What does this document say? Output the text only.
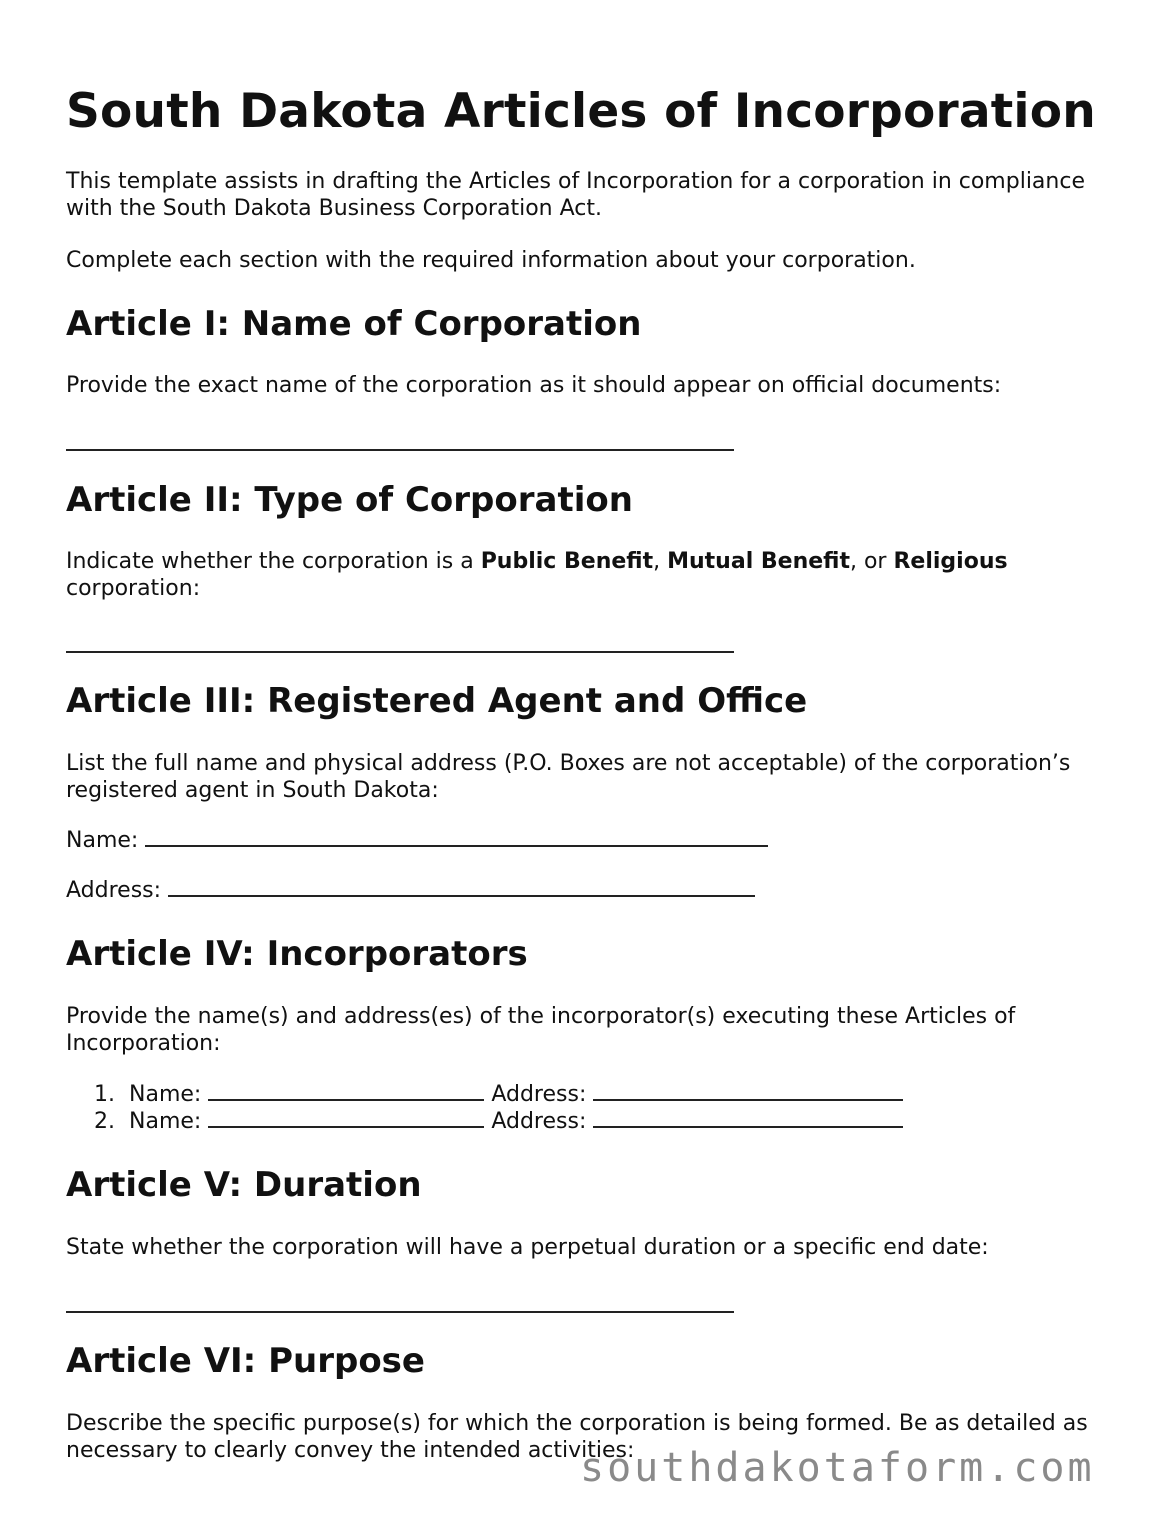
South Dakota Articles of Incorporation

This template assists in drafting the Articles of Incorporation for a corporation in compliance with the South Dakota Business Corporation Act.

Complete each section with the required information about your corporation.

Article I: Name of Corporation

Provide the exact name of the corporation as it should appear on official documents:

Article II: Type of Corporation

Indicate whether the corporation is a Public Benefit, Mutual Benefit, or Religious corporation:

Article III: Registered Agent and Office

List the full name and physical address (P.O. Boxes are not acceptable) of the corporation’s registered agent in South Dakota:

Name:
Address:
Article IV: Incorporators

Provide the name(s) and address(es) of the incorporator(s) executing these Articles of Incorporation:

1. Name:	Address:
2. Name:	Address:
Article V: Duration

State whether the corporation will have a perpetual duration or a specific end date:

Article VI: Purpose

Describe the specific purpose(s) for which the corporation is being formed. Be as detailed as necessary to clearly convey the intended activities:

southdakotaform.com
